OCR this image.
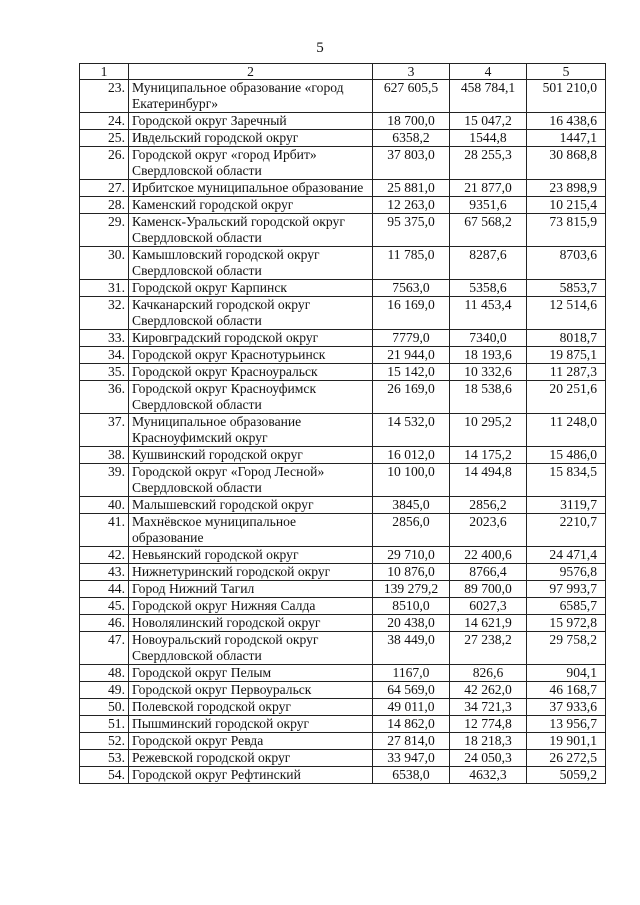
5
1	2	3	4	5
23.	Муниципальное образование «город Екатеринбург»	627 605,5	458 784,1	501 210,0
24.	Городской округ Заречный	18 700,0	15 047,2	16 438,6
25.	Ивдельский городской округ	6358,2	1544,8	1447,1
26.	Городской округ «город Ирбит» Свердловской области	37 803,0	28 255,3	30 868,8
27.	Ирбитское муниципальное образование	25 881,0	21 877,0	23 898,9
28.	Каменский городской округ	12 263,0	9351,6	10 215,4
29.	Каменск-Уральский городской округ Свердловской области	95 375,0	67 568,2	73 815,9
30.	Камышловский городской округ Свердловской области	11 785,0	8287,6	8703,6
31.	Городской округ Карпинск	7563,0	5358,6	5853,7
32.	Качканарский городской округ Свердловской области	16 169,0	11 453,4	12 514,6
33.	Кировградский городской округ	7779,0	7340,0	8018,7
34.	Городской округ Краснотурьинск	21 944,0	18 193,6	19 875,1
35.	Городской округ Красноуральск	15 142,0	10 332,6	11 287,3
36.	Городской округ Красноуфимск Свердловской области	26 169,0	18 538,6	20 251,6
37.	Муниципальное образование Красноуфимский округ	14 532,0	10 295,2	11 248,0
38.	Кушвинский городской округ	16 012,0	14 175,2	15 486,0
39.	Городской округ «Город Лесной» Свердловской области	10 100,0	14 494,8	15 834,5
40.	Малышевский городской округ	3845,0	2856,2	3119,7
41.	Махнёвское муниципальное образование	2856,0	2023,6	2210,7
42.	Невьянский городской округ	29 710,0	22 400,6	24 471,4
43.	Нижнетуринский городской округ	10 876,0	8766,4	9576,8
44.	Город Нижний Тагил	139 279,2	89 700,0	97 993,7
45.	Городской округ Нижняя Салда	8510,0	6027,3	6585,7
46.	Новолялинский городской округ	20 438,0	14 621,9	15 972,8
47.	Новоуральский городской округ Свердловской области	38 449,0	27 238,2	29 758,2
48.	Городской округ Пелым	1167,0	826,6	904,1
49.	Городской округ Первоуральск	64 569,0	42 262,0	46 168,7
50.	Полевской городской округ	49 011,0	34 721,3	37 933,6
51.	Пышминский городской округ	14 862,0	12 774,8	13 956,7
52.	Городской округ Ревда	27 814,0	18 218,3	19 901,1
53.	Режевской городской округ	33 947,0	24 050,3	26 272,5
54.	Городской округ Рефтинский	6538,0	4632,3	5059,2
